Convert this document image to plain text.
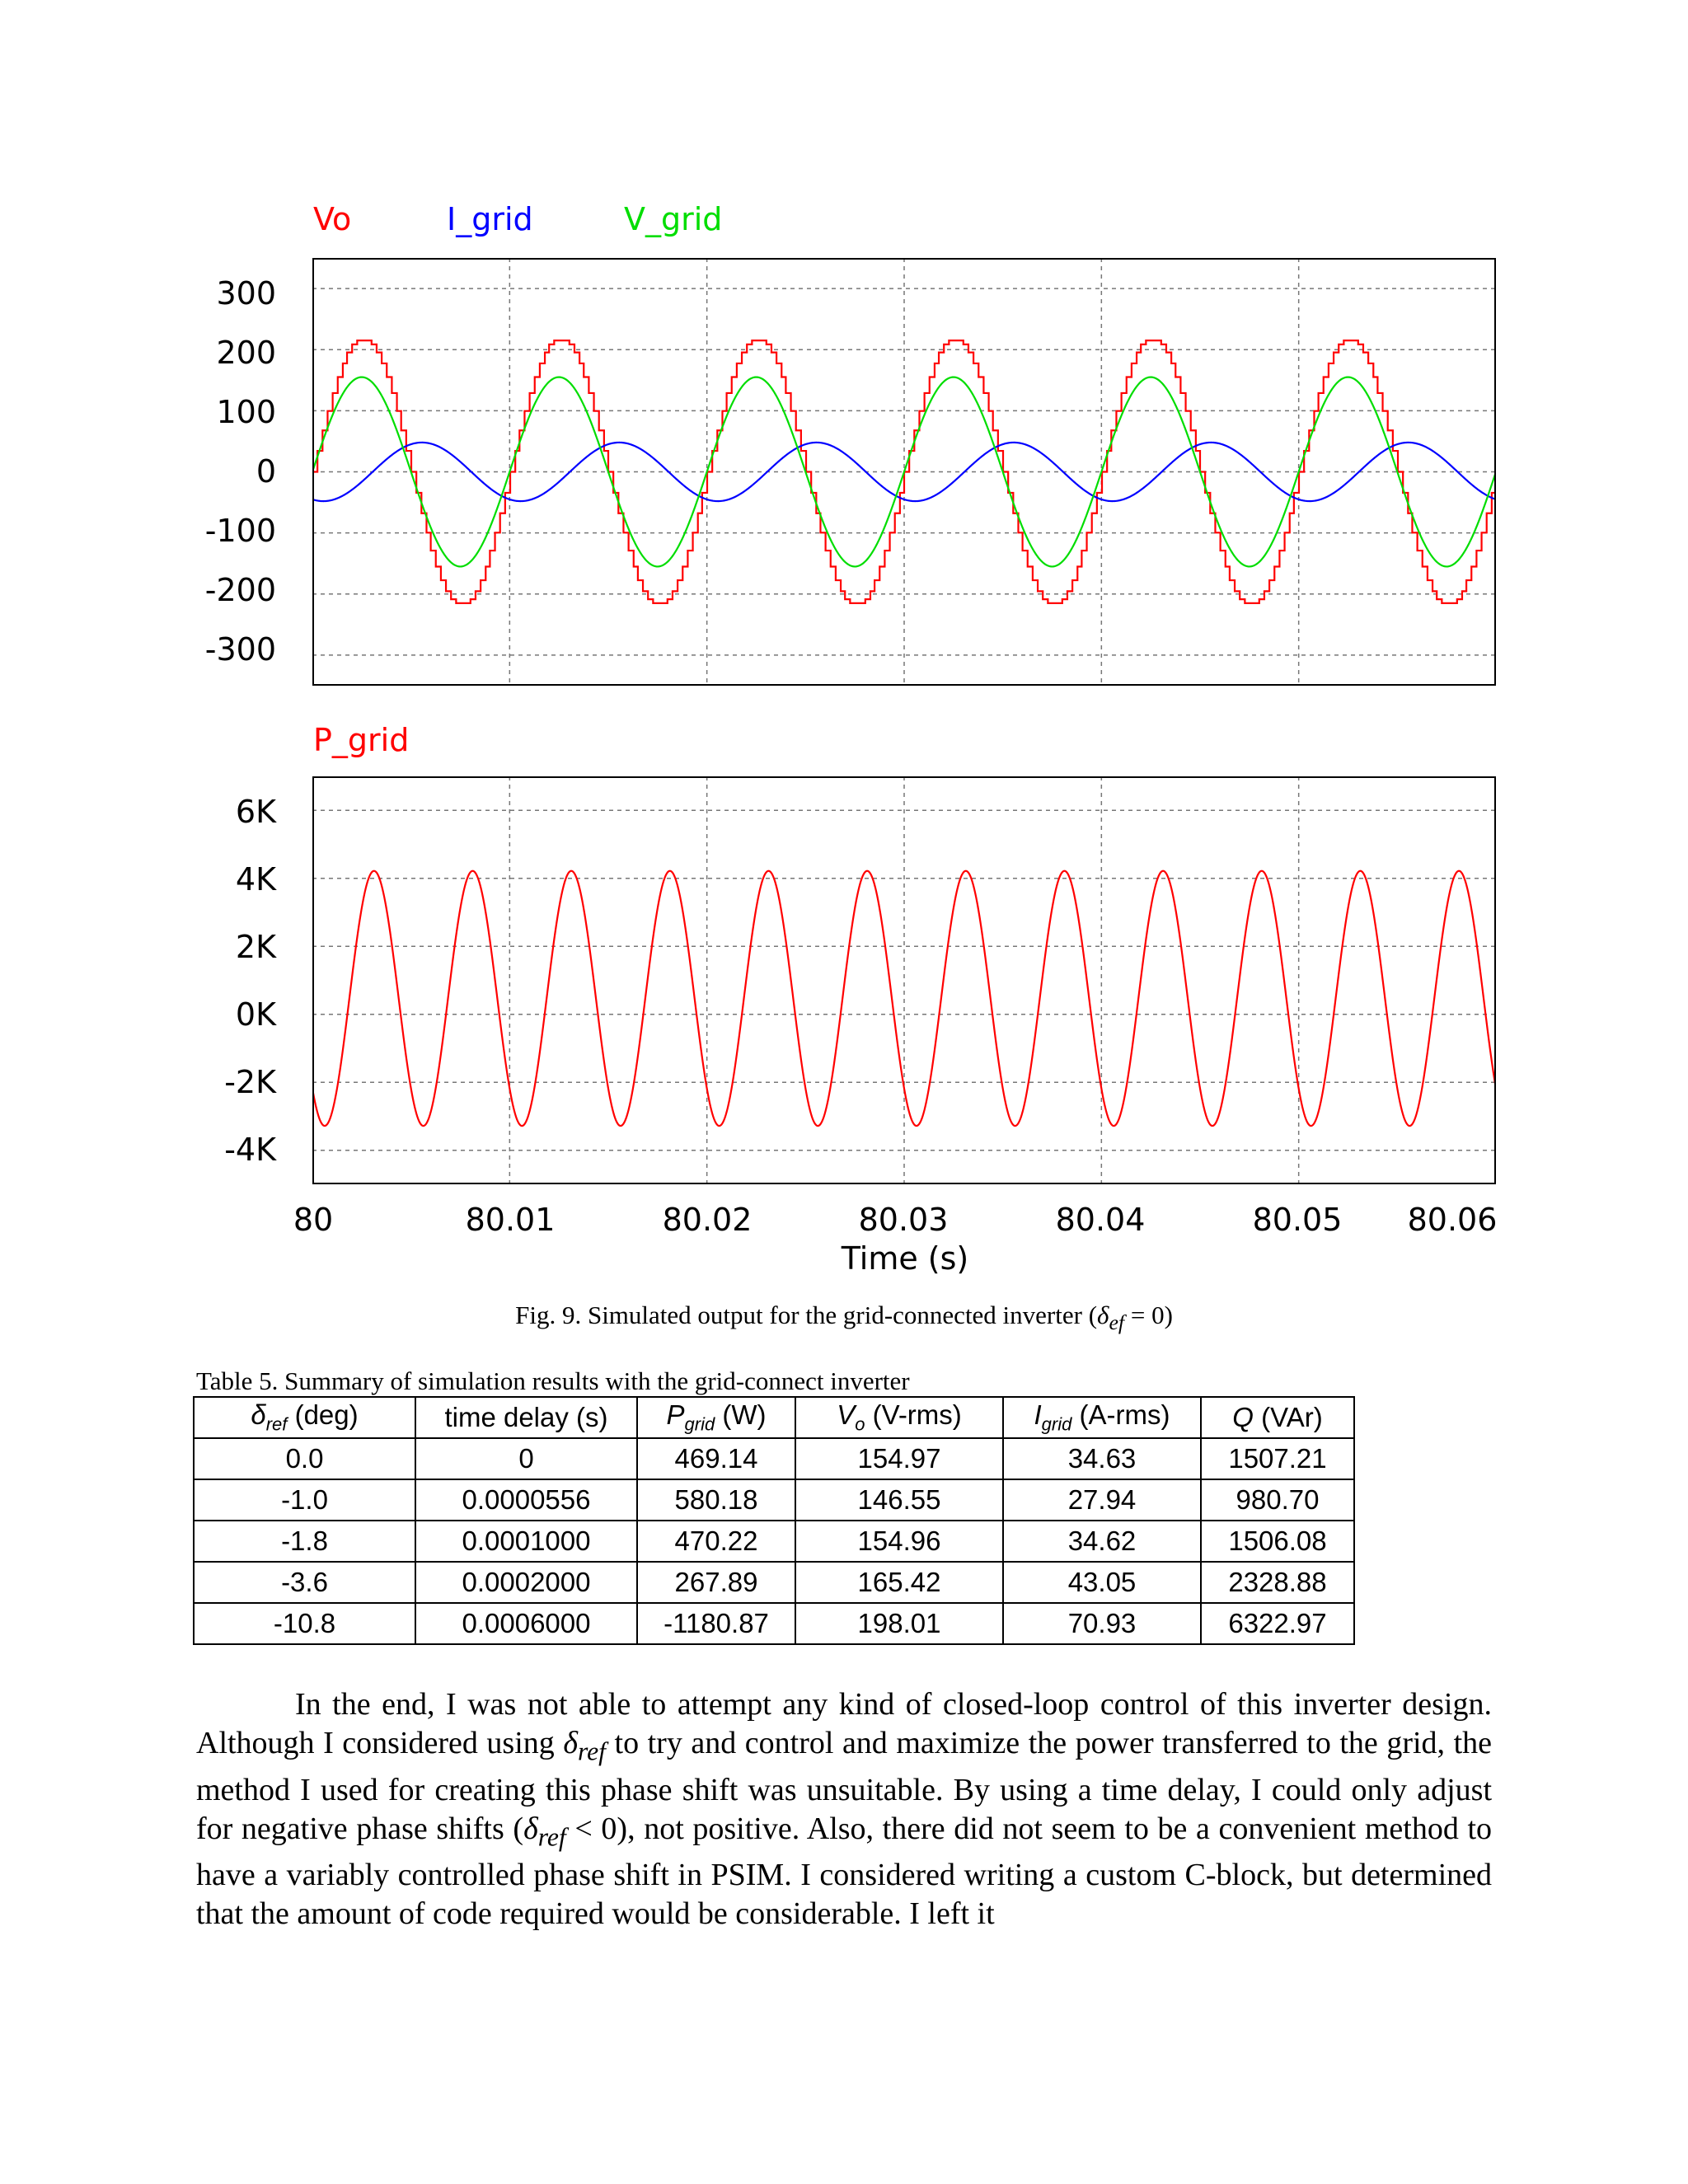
Vo	I_grid	V_grid
300
200
100
0
-100
-200
-300
P_grid
6K
4K
2K
0K
-2K
-4K
80	80.01	80.02	80.03	80.04	80.05	80.06
Time (s)
Fig. 9. Simulated output for the grid-connected inverter $(\delta_{ef} = 0)$
Table 5. Summary of simulation results with the grid-connect inverter
$\delta_{ref}$ (deg)	time delay (s)	$P_{grid}$ (W)	$V_o$ (V-rms)	$I_{grid}$ (A-rms)	Q (VAr)
0.0	0	469.14	154.97	34.63	1507.21
-1.0	0.0000556	580.18	146.55	27.94	980.70
-1.8	0.0001000	470.22	154.96	34.62	1506.08
-3.6	0.0002000	267.89	165.42	43.05	2328.88
-10.8	0.0006000	-1180.87	198.01	70.93	6322.97

In the end, I was not able to attempt any kind of closed-loop control of this inverter design. Although I considered using $\delta_{ref}$ to try and control and maximize the power transferred to the grid, the method I used for creating this phase shift was unsuitable. By using a time delay, I could only adjust for negative phase shifts $(\delta_{ref} < 0)$, not positive. Also, there did not seem to be a convenient method to have a variably controlled phase shift in PSIM. I considered writing a custom C-block, but determined that the amount of code required would be considerable. I left it
